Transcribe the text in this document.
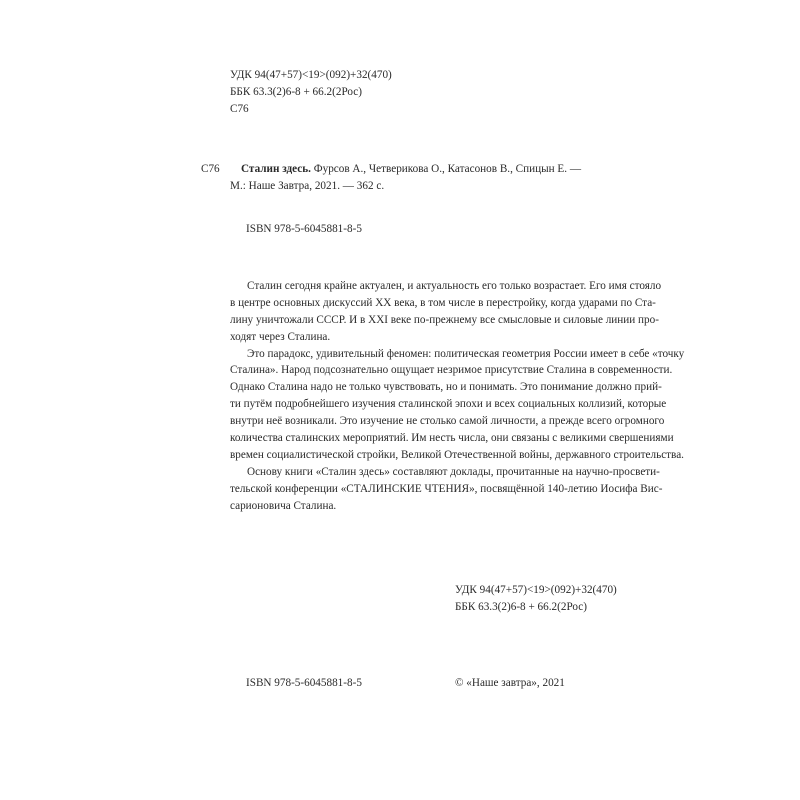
УДК 94(47+57)<19>(092)+32(470)
ББК 63.3(2)6-8 + 66.2(2Рос)
С76
С76 Сталин здесь. Фурсов А., Четверикова О., Катасонов В., Спицын Е. —
М.: Наше Завтра, 2021. — 362 с.
ISBN 978-5-6045881-8-5
Сталин сегодня крайне актуален, и актуальность его только возрастает. Его имя стояло
в центре основных дискуссий XX века, в том числе в перестройку, когда ударами по Ста-
лину уничтожали СССР. И в XXI веке по-прежнему все смысловые и силовые линии про-
ходят через Сталина.
Это парадокс, удивительный феномен: политическая геометрия России имеет в себе «точку
Сталина». Народ подсознательно ощущает незримое присутствие Сталина в современности.
Однако Сталина надо не только чувствовать, но и понимать. Это понимание должно прий-
ти путём подробнейшего изучения сталинской эпохи и всех социальных коллизий, которые
внутри неё возникали. Это изучение не столько самой личности, а прежде всего огромного
количества сталинских мероприятий. Им несть числа, они связаны с великими свершениями
времен социалистической стройки, Великой Отечественной войны, державного строительства.
Основу книги «Сталин здесь» составляют доклады, прочитанные на научно-просвети-
тельской конференции «СТАЛИНСКИЕ ЧТЕНИЯ», посвящённой 140-летию Иосифа Вис-
сарионовича Сталина.
УДК 94(47+57)<19>(092)+32(470)
ББК 63.3(2)6-8 + 66.2(2Рос)
ISBN 978-5-6045881-8-5	© «Наше завтра», 2021
